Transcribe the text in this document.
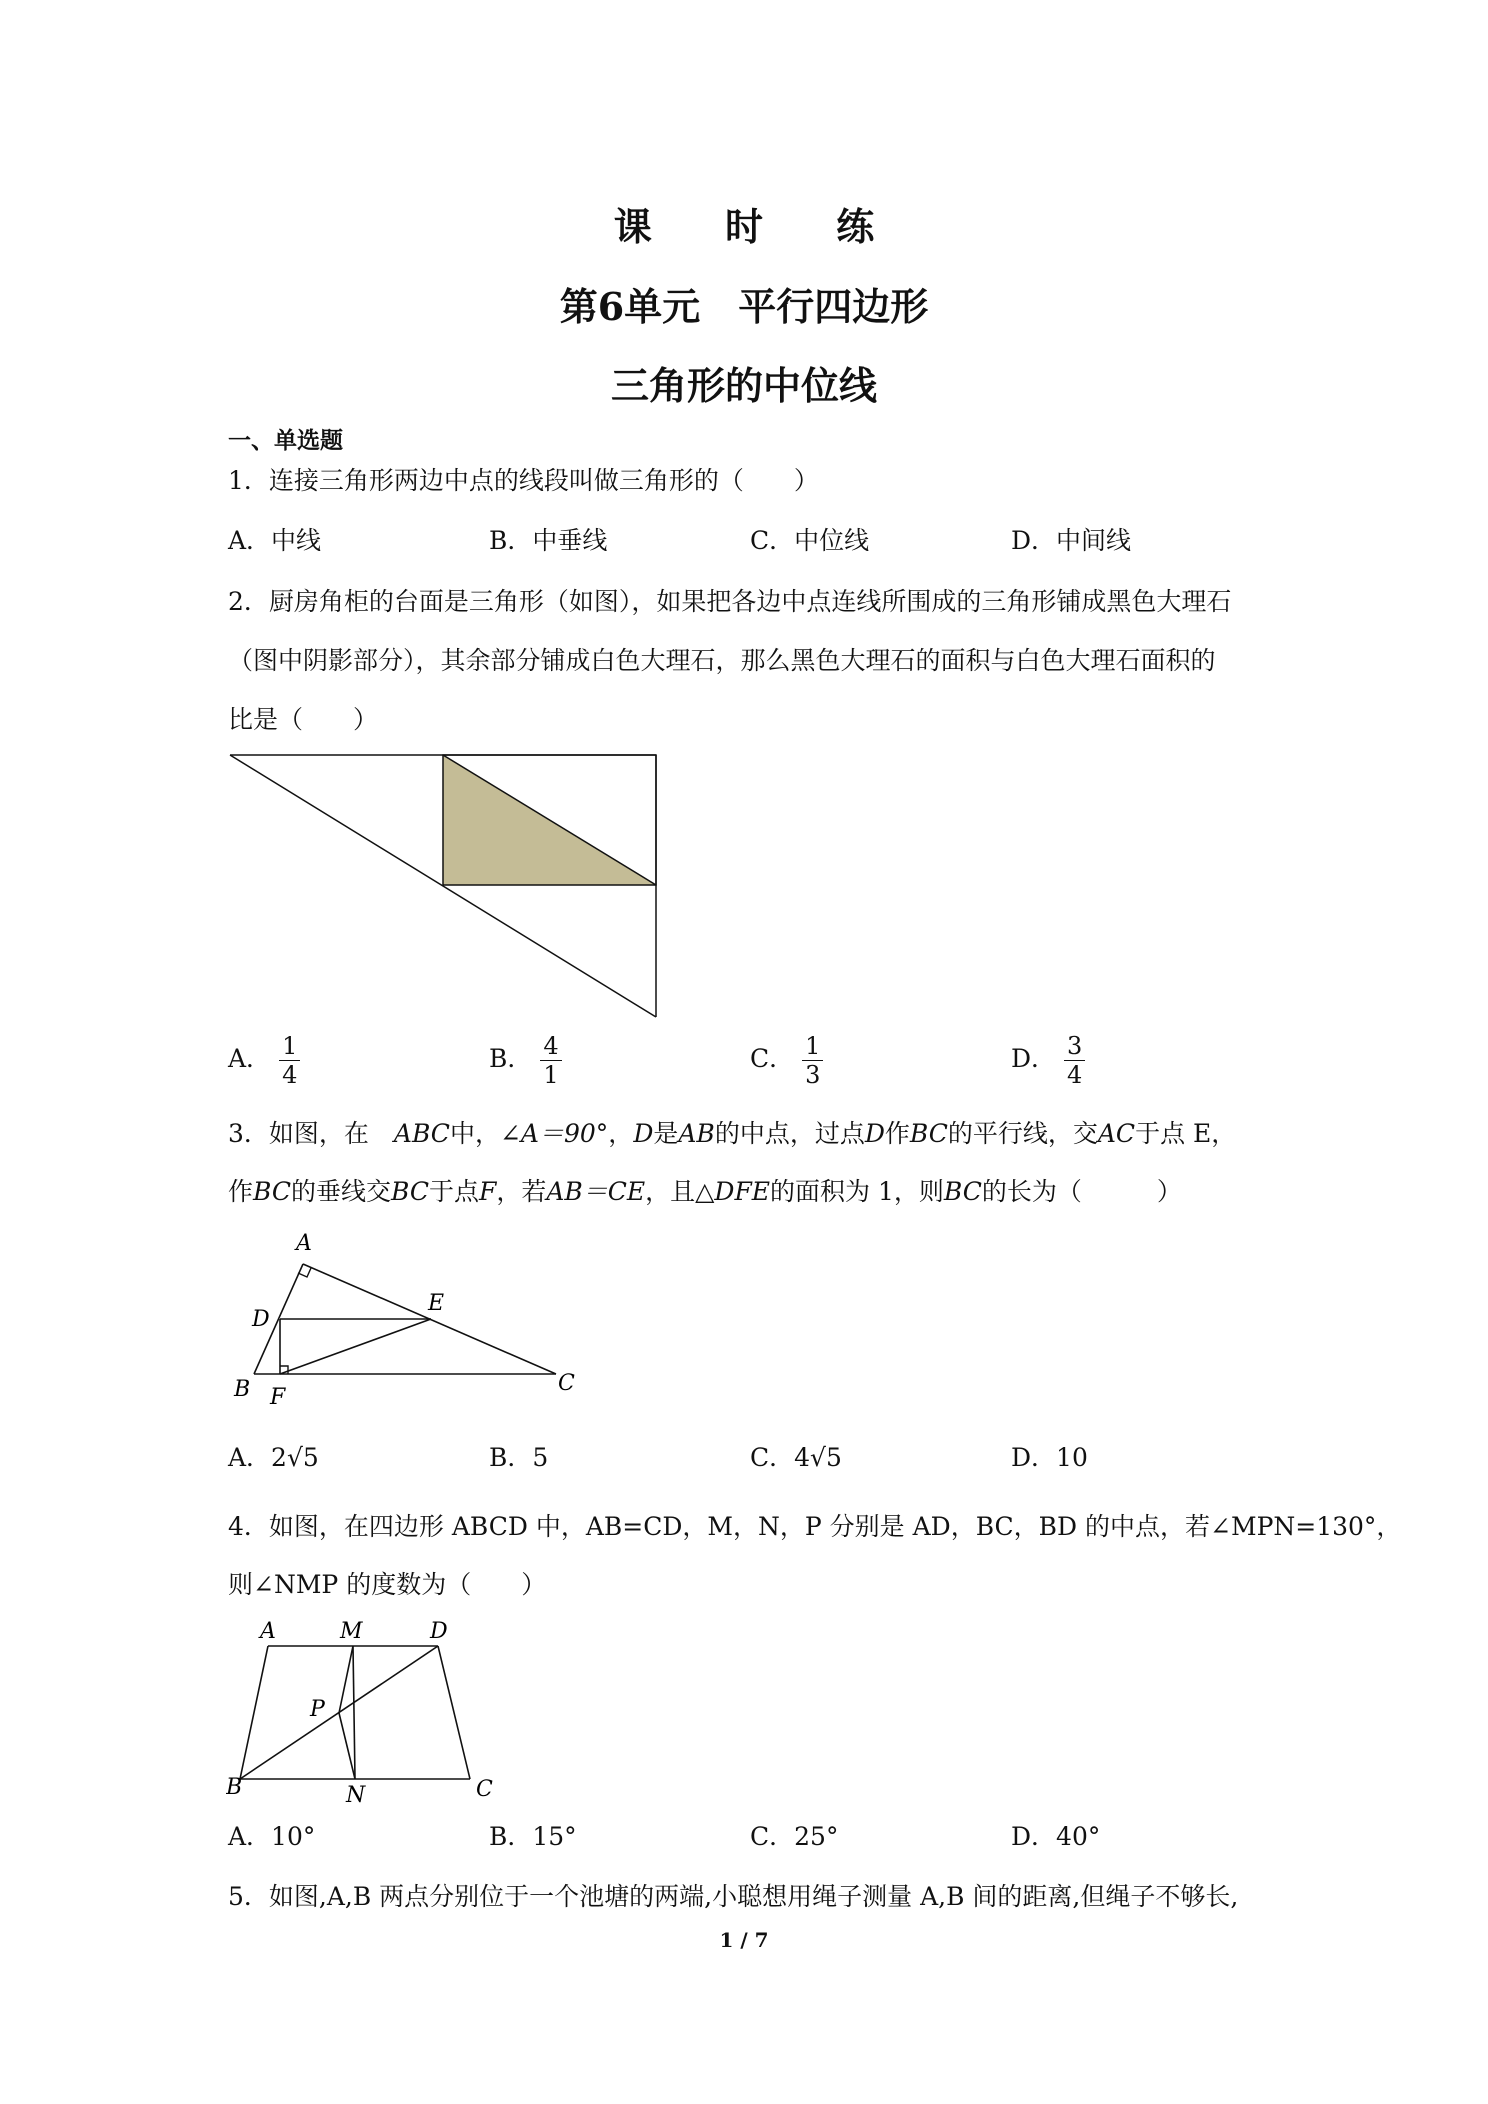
课 时 练
第6单元　平行四边形
三角形的中位线
一、单选题
1．连接三角形两边中点的线段叫做三角形的（　　）
A．中线	B．中垂线	C．中位线	D．中间线
2．厨房角柜的台面是三角形（如图），如果把各边中点连线所围成的三角形铺成黑色大理石
（图中阴影部分），其余部分铺成白色大理石，那么黑色大理石的面积与白色大理石面积的
比是（　　）
A． $\frac{1}{4}$	B． $\frac{4}{1}$	C． $\frac{1}{3}$	D． $\frac{3}{4}$
3．如图，在　ABC中，∠A＝90°，D是AB的中点，过点D作BC的平行线，交AC于点 E，
作BC的垂线交BC于点F，若AB＝CE，且△DFE的面积为 1，则BC的长为（　　　）
A
D
E
B F
C
A．2√5	B．5	C．4√5	D．10
4．如图，在四边形 ABCD 中，AB=CD，M，N，P 分别是 AD，BC，BD 的中点，若∠MPN=130°，
则∠NMP 的度数为（　　）
A	M	D
P
B	N	C
A．10°	B．15°	C．25°	D．40°
5．如图,A,B 两点分别位于一个池塘的两端,小聪想用绳子测量 A,B 间的距离,但绳子不够长,
1 / 7
